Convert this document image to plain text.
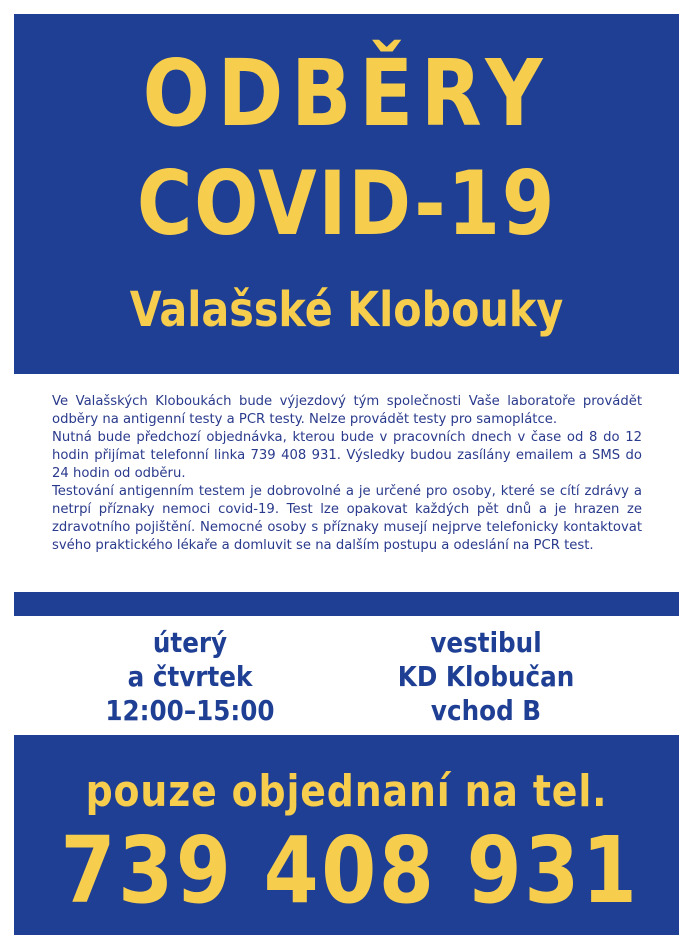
ODBĚRY
COVID-19
Valašské Klobouky

Ve Valašských Kloboukách bude výjezdový tým společnosti Vaše laboratoře provádět odběry na antigenní testy a PCR testy. Nelze provádět testy pro samoplátce.

Nutná bude předchozí objednávka, kterou bude v pracovních dnech v čase od 8 do 12 hodin přijímat telefonní linka 739 408 931. Výsledky budou zasílány emailem a SMS do 24 hodin od odběru.

Testování antigenním testem je dobrovolné a je určené pro osoby, které se cítí zdrávy a netrpí příznaky nemoci covid-19. Test lze opakovat každých pět dnů a je hrazen ze zdravotního pojištění. Nemocné osoby s příznaky musejí nejprve telefonicky kontaktovat svého praktického lékaře a domluvit se na dalším postupu a odeslání na PCR test.

úterý
a čtvrtek
12:00–15:00
vestibul
KD Klobučan
vchod B
pouze objednaní na tel.
739 408 931
